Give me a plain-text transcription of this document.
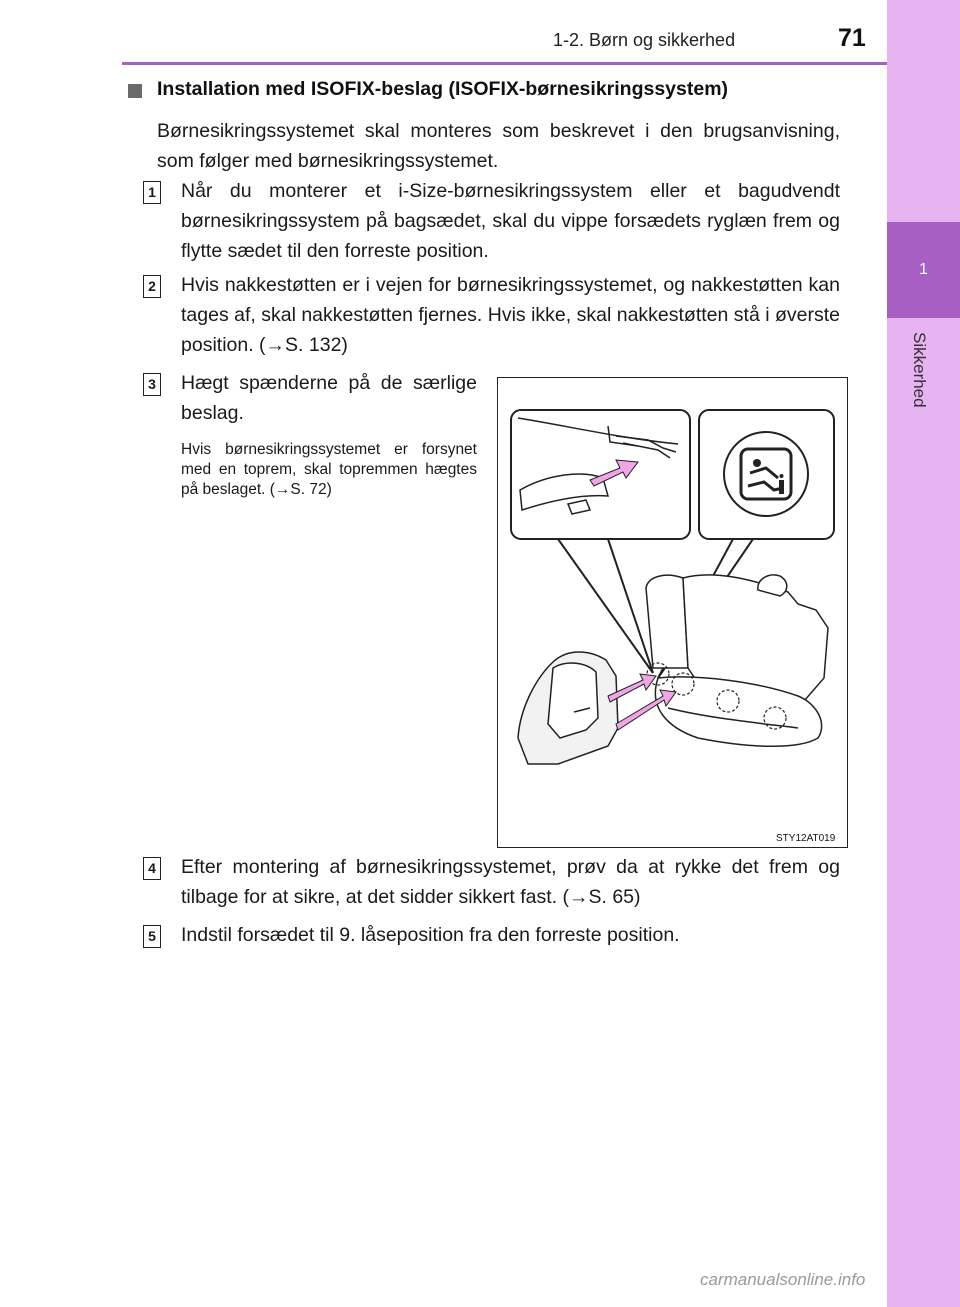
1
Sikkerhed
1-2. Børn og sikkerhed	71
Installation med ISOFIX-beslag (ISOFIX-børnesikringssystem)
Børnesikringssystemet skal monteres som beskrevet i den brugsanvisning, som følger med børnesikringssystemet.
1 Når du monterer et i-Size-børnesikringssystem eller et bagudvendt børnesikringssystem på bagsædet, skal du vippe forsædets ryglæn frem og flytte sædet til den forreste position.
2 Hvis nakkestøtten er i vejen for børnesikringssystemet, og nakkestøtten kan tages af, skal nakkestøtten fjernes. Hvis ikke, skal nakkestøtten stå i øverste position. (→S. 132)
3 Hægt spænderne på de særlige beslag.
Hvis børnesikringssystemet er forsynet med en toprem, skal topremmen hægtes på beslaget. (→S. 72)
STY12AT019
4 Efter montering af børnesikringssystemet, prøv da at rykke det frem og tilbage for at sikre, at det sidder sikkert fast. (→S. 65)
5 Indstil forsædet til 9. låseposition fra den forreste position.
carmanualsonline.info
